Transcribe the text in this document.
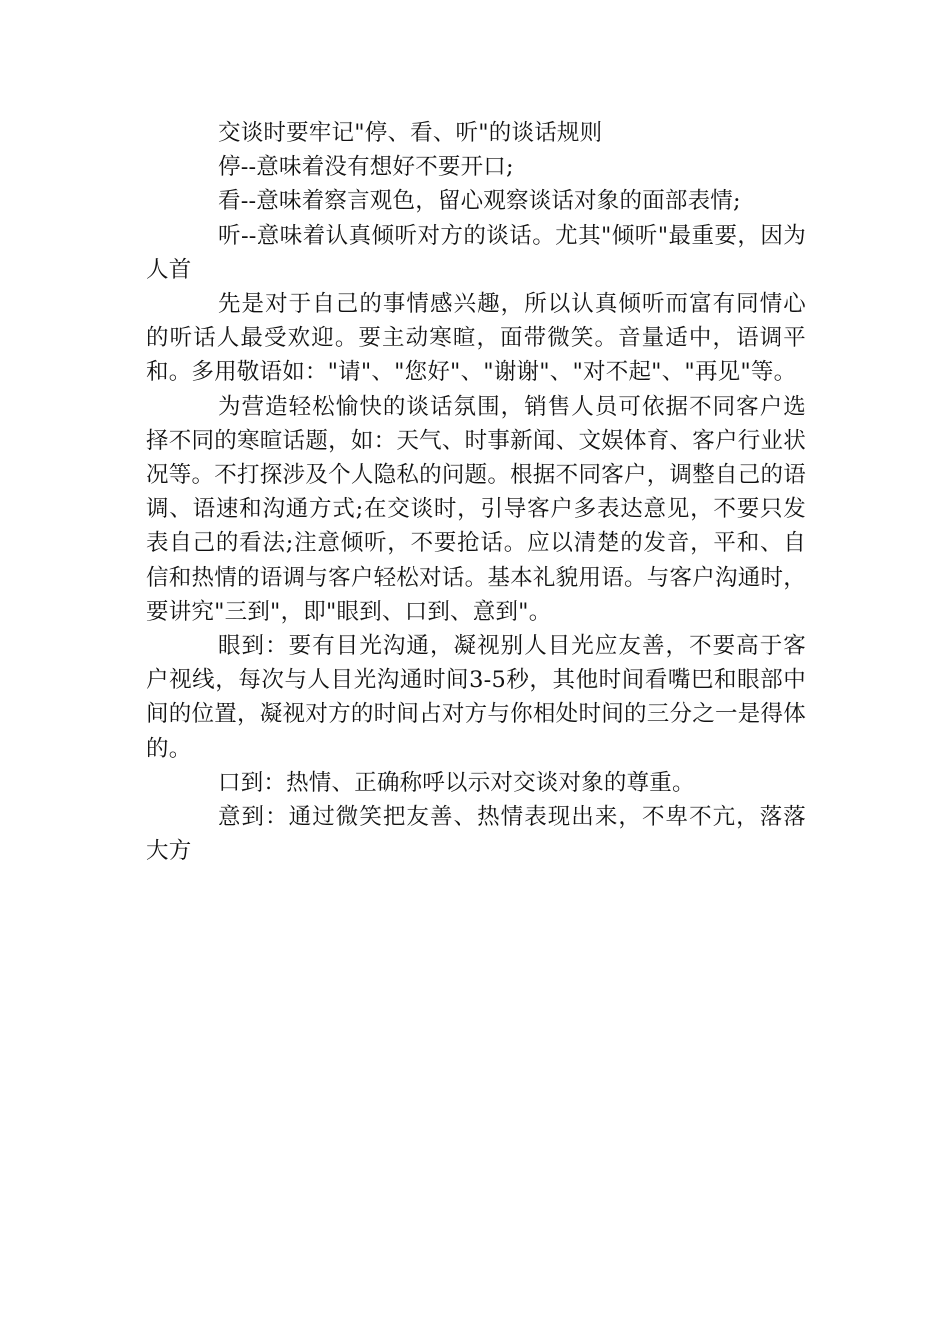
交谈时要牢记"停、看、听"的谈话规则

停--意味着没有想好不要开口;

看--意味着察言观色，留心观察谈话对象的面部表情;

听--意味着认真倾听对方的谈话。尤其"倾听"最重要，因为人首

先是对于自己的事情感兴趣，所以认真倾听而富有同情心的听话人最受欢迎。要主动寒暄，面带微笑。音量适中，语调平和。多用敬语如："请"、"您好"、"谢谢"、"对不起"、"再见"等。

为营造轻松愉快的谈话氛围，销售人员可依据不同客户选择不同的寒暄话题，如：天气、时事新闻、文娱体育、客户行业状况等。不打探涉及个人隐私的问题。根据不同客户，调整自己的语调、语速和沟通方式;在交谈时，引导客户多表达意见，不要只发表自己的看法;注意倾听，不要抢话。应以清楚的发音，平和、自信和热情的语调与客户轻松对话。基本礼貌用语。与客户沟通时，要讲究"三到"，即"眼到、口到、意到"。

眼到：要有目光沟通，凝视别人目光应友善，不要高于客户视线，每次与人目光沟通时间3-5秒，其他时间看嘴巴和眼部中间的位置，凝视对方的时间占对方与你相处时间的三分之一是得体的。

口到：热情、正确称呼以示对交谈对象的尊重。

意到：通过微笑把友善、热情表现出来，不卑不亢，落落大方
